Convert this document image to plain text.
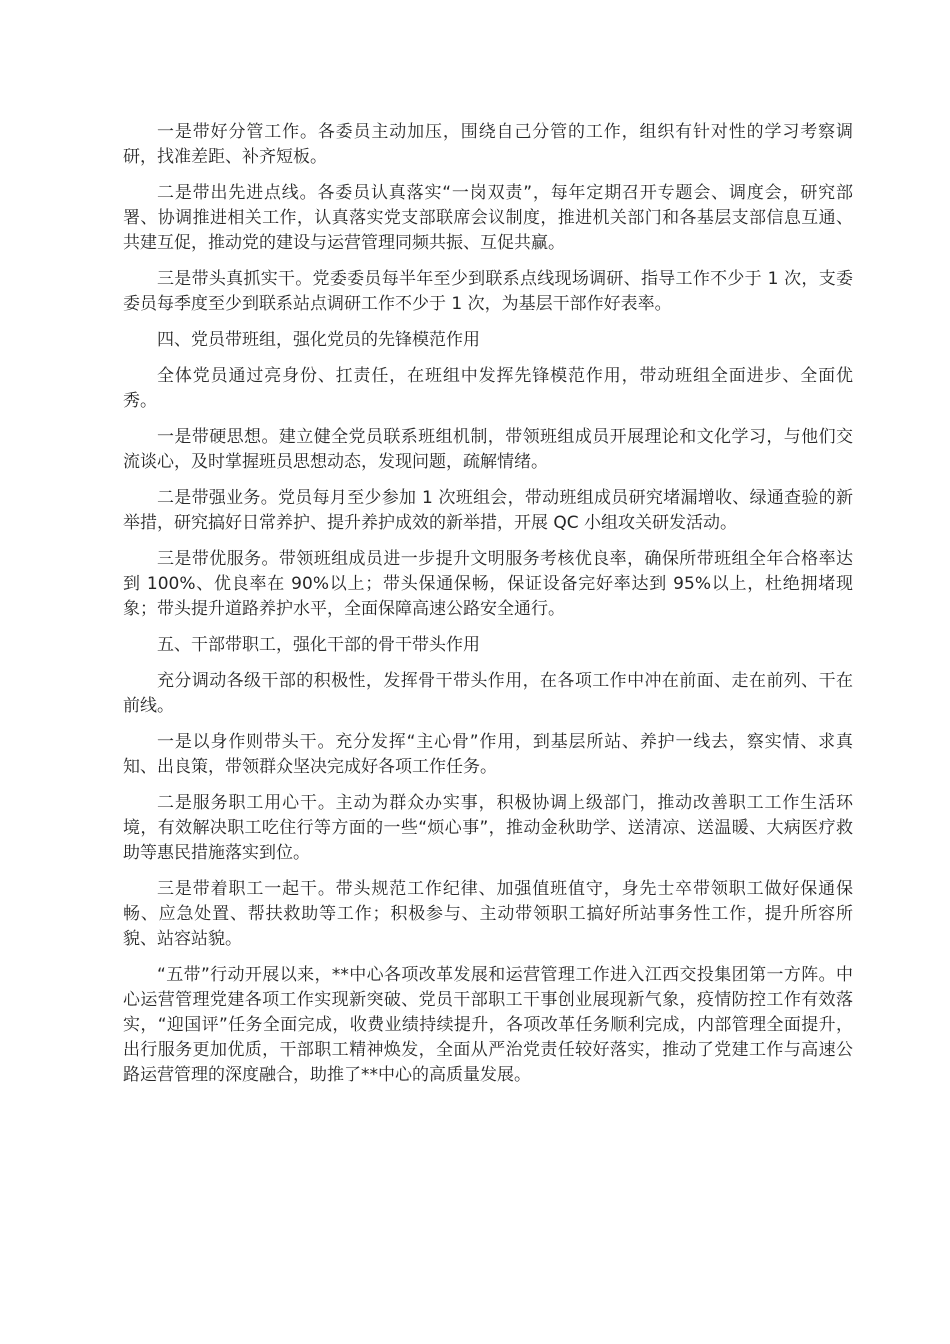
一是带好分管工作。各委员主动加压，围绕自己分管的工作，组织有针对性的学习考察调研，找准差距、补齐短板。

二是带出先进点线。各委员认真落实“一岗双责”，每年定期召开专题会、调度会，研究部署、协调推进相关工作，认真落实党支部联席会议制度，推进机关部门和各基层支部信息互通、共建互促，推动党的建设与运营管理同频共振、互促共赢。

三是带头真抓实干。党委委员每半年至少到联系点线现场调研、指导工作不少于 1 次，支委委员每季度至少到联系站点调研工作不少于 1 次，为基层干部作好表率。

四、党员带班组，强化党员的先锋模范作用

全体党员通过亮身份、扛责任，在班组中发挥先锋模范作用，带动班组全面进步、全面优秀。

一是带硬思想。建立健全党员联系班组机制，带领班组成员开展理论和文化学习，与他们交流谈心，及时掌握班员思想动态，发现问题，疏解情绪。

二是带强业务。党员每月至少参加 1 次班组会，带动班组成员研究堵漏增收、绿通查验的新举措，研究搞好日常养护、提升养护成效的新举措，开展 QC 小组攻关研发活动。

三是带优服务。带领班组成员进一步提升文明服务考核优良率，确保所带班组全年合格率达到 100%、优良率在 90%以上；带头保通保畅，保证设备完好率达到 95%以上，杜绝拥堵现象；带头提升道路养护水平，全面保障高速公路安全通行。

五、干部带职工，强化干部的骨干带头作用

充分调动各级干部的积极性，发挥骨干带头作用，在各项工作中冲在前面、走在前列、干在前线。

一是以身作则带头干。充分发挥“主心骨”作用，到基层所站、养护一线去，察实情、求真知、出良策，带领群众坚决完成好各项工作任务。

二是服务职工用心干。主动为群众办实事，积极协调上级部门，推动改善职工工作生活环境，有效解决职工吃住行等方面的一些“烦心事”，推动金秋助学、送清凉、送温暖、大病医疗救助等惠民措施落实到位。

三是带着职工一起干。带头规范工作纪律、加强值班值守，身先士卒带领职工做好保通保畅、应急处置、帮扶救助等工作；积极参与、主动带领职工搞好所站事务性工作，提升所容所貌、站容站貌。

“五带”行动开展以来，**中心各项改革发展和运营管理工作进入江西交投集团第一方阵。中心运营管理党建各项工作实现新突破、党员干部职工干事创业展现新气象，疫情防控工作有效落实，“迎国评”任务全面完成，收费业绩持续提升，各项改革任务顺利完成，内部管理全面提升，出行服务更加优质，干部职工精神焕发，全面从严治党责任较好落实，推动了党建工作与高速公路运营管理的深度融合，助推了**中心的高质量发展。
